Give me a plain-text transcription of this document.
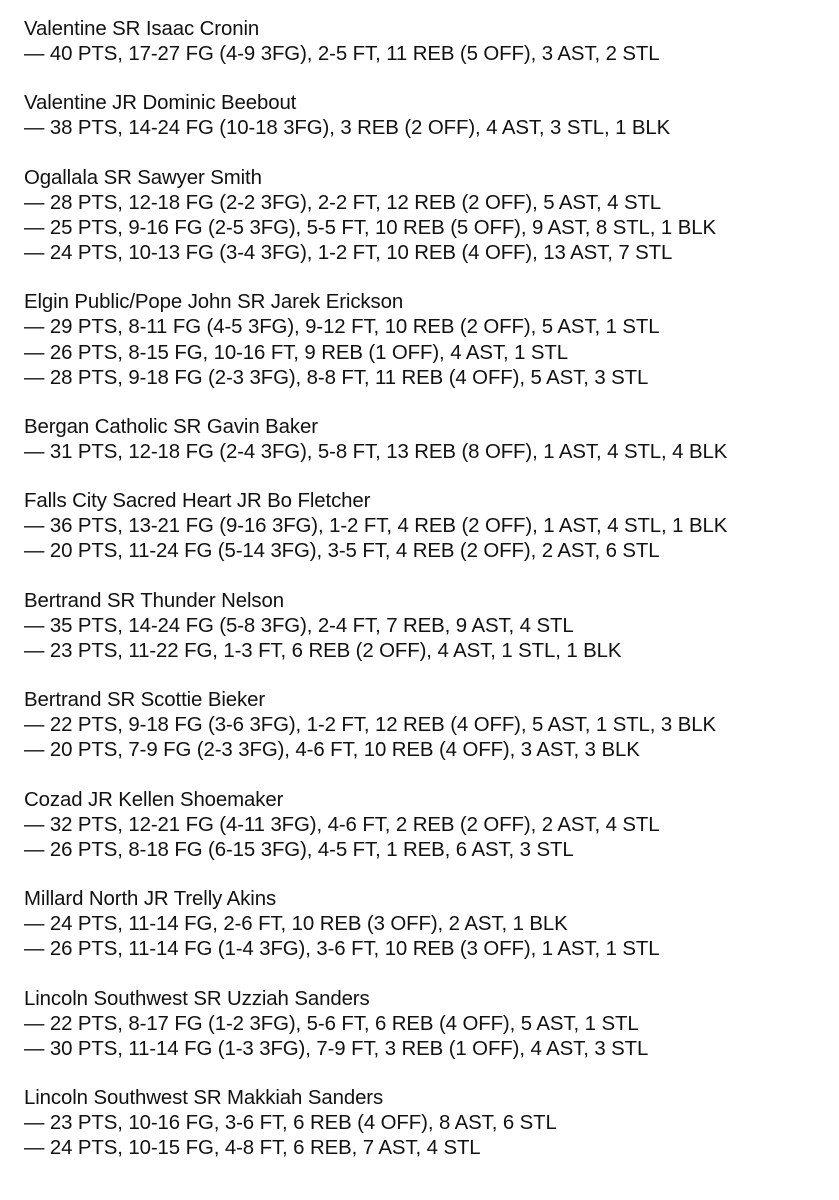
Valentine SR Isaac Cronin
— 40 PTS, 17-27 FG (4-9 3FG), 2-5 FT, 11 REB (5 OFF), 3 AST, 2 STL
Valentine JR Dominic Beebout
— 38 PTS, 14-24 FG (10-18 3FG), 3 REB (2 OFF), 4 AST, 3 STL, 1 BLK
Ogallala SR Sawyer Smith
— 28 PTS, 12-18 FG (2-2 3FG), 2-2 FT, 12 REB (2 OFF), 5 AST, 4 STL
— 25 PTS, 9-16 FG (2-5 3FG), 5-5 FT, 10 REB (5 OFF), 9 AST, 8 STL, 1 BLK
— 24 PTS, 10-13 FG (3-4 3FG), 1-2 FT, 10 REB (4 OFF), 13 AST, 7 STL
Elgin Public/Pope John SR Jarek Erickson
— 29 PTS, 8-11 FG (4-5 3FG), 9-12 FT, 10 REB (2 OFF), 5 AST, 1 STL
— 26 PTS, 8-15 FG, 10-16 FT, 9 REB (1 OFF), 4 AST, 1 STL
— 28 PTS, 9-18 FG (2-3 3FG), 8-8 FT, 11 REB (4 OFF), 5 AST, 3 STL
Bergan Catholic SR Gavin Baker
— 31 PTS, 12-18 FG (2-4 3FG), 5-8 FT, 13 REB (8 OFF), 1 AST, 4 STL, 4 BLK
Falls City Sacred Heart JR Bo Fletcher
— 36 PTS, 13-21 FG (9-16 3FG), 1-2 FT, 4 REB (2 OFF), 1 AST, 4 STL, 1 BLK
— 20 PTS, 11-24 FG (5-14 3FG), 3-5 FT, 4 REB (2 OFF), 2 AST, 6 STL
Bertrand SR Thunder Nelson
— 35 PTS, 14-24 FG (5-8 3FG), 2-4 FT, 7 REB, 9 AST, 4 STL
— 23 PTS, 11-22 FG, 1-3 FT, 6 REB (2 OFF), 4 AST, 1 STL, 1 BLK
Bertrand SR Scottie Bieker
— 22 PTS, 9-18 FG (3-6 3FG), 1-2 FT, 12 REB (4 OFF), 5 AST, 1 STL, 3 BLK
— 20 PTS, 7-9 FG (2-3 3FG), 4-6 FT, 10 REB (4 OFF), 3 AST, 3 BLK
Cozad JR Kellen Shoemaker
— 32 PTS, 12-21 FG (4-11 3FG), 4-6 FT, 2 REB (2 OFF), 2 AST, 4 STL
— 26 PTS, 8-18 FG (6-15 3FG), 4-5 FT, 1 REB, 6 AST, 3 STL
Millard North JR Trelly Akins
— 24 PTS, 11-14 FG, 2-6 FT, 10 REB (3 OFF), 2 AST, 1 BLK
— 26 PTS, 11-14 FG (1-4 3FG), 3-6 FT, 10 REB (3 OFF), 1 AST, 1 STL
Lincoln Southwest SR Uzziah Sanders
— 22 PTS, 8-17 FG (1-2 3FG), 5-6 FT, 6 REB (4 OFF), 5 AST, 1 STL
— 30 PTS, 11-14 FG (1-3 3FG), 7-9 FT, 3 REB (1 OFF), 4 AST, 3 STL
Lincoln Southwest SR Makkiah Sanders
— 23 PTS, 10-16 FG, 3-6 FT, 6 REB (4 OFF), 8 AST, 6 STL
— 24 PTS, 10-15 FG, 4-8 FT, 6 REB, 7 AST, 4 STL
